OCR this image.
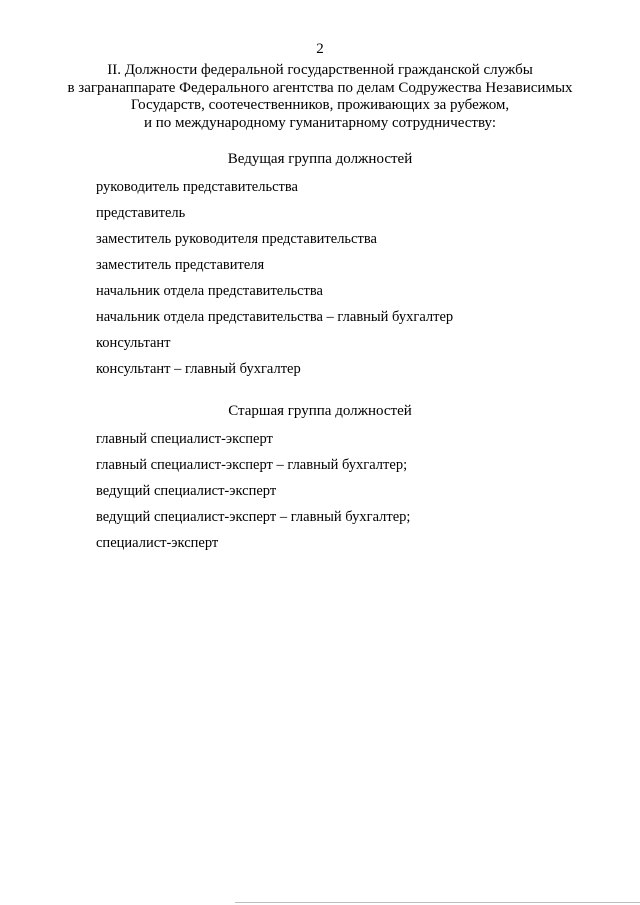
2
II. Должности федеральной государственной гражданской службы
в загранаппарате Федерального агентства по делам Содружества Независимых
Государств, соотечественников, проживающих за рубежом,
и по международному гуманитарному сотрудничеству:
Ведущая группа должностей
руководитель представительства
представитель
заместитель руководителя представительства
заместитель представителя
начальник отдела представительства
начальник отдела представительства – главный бухгалтер
консультант
консультант – главный бухгалтер
Старшая группа должностей
главный специалист-эксперт
главный специалист-эксперт – главный бухгалтер;
ведущий специалист-эксперт
ведущий специалист-эксперт – главный бухгалтер;
специалист-эксперт
